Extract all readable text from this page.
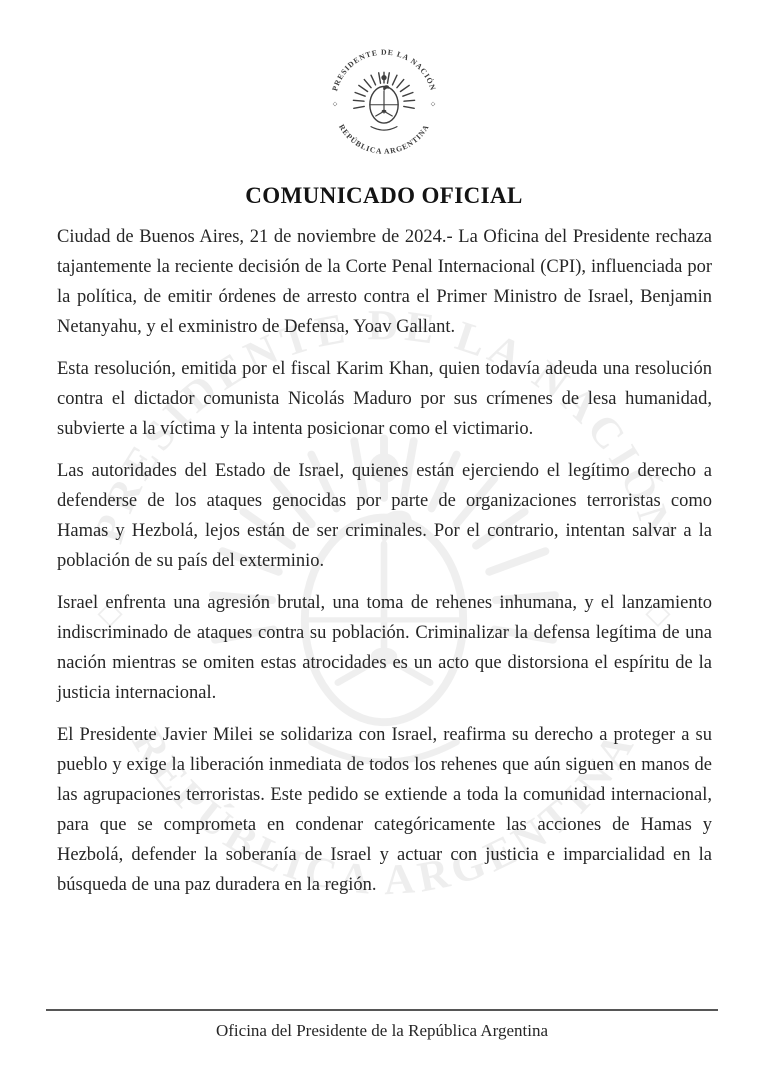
COMUNICADO OFICIAL

Ciudad de Buenos Aires, 21 de noviembre de 2024.- La Oficina del Presidente rechaza tajantemente la reciente decisión de la Corte Penal Internacional (CPI), influenciada por la política, de emitir órdenes de arresto contra el Primer Ministro de Israel, Benjamin Netanyahu, y el exministro de Defensa, Yoav Gallant.

Esta resolución, emitida por el fiscal Karim Khan, quien todavía adeuda una resolución contra el dictador comunista Nicolás Maduro por sus crímenes de lesa humanidad, subvierte a la víctima y la intenta posicionar como el victimario.

Las autoridades del Estado de Israel, quienes están ejerciendo el legítimo derecho a defenderse de los ataques genocidas por parte de organizaciones terroristas como Hamas y Hezbolá, lejos están de ser criminales. Por el contrario, intentan salvar a la población de su país del exterminio.

Israel enfrenta una agresión brutal, una toma de rehenes inhumana, y el lanzamiento indiscriminado de ataques contra su población. Criminalizar la defensa legítima de una nación mientras se omiten estas atrocidades es un acto que distorsiona el espíritu de la justicia internacional.

El Presidente Javier Milei se solidariza con Israel, reafirma su derecho a proteger a su pueblo y exige la liberación inmediata de todos los rehenes que aún siguen en manos de las agrupaciones terroristas. Este pedido se extiende a toda la comunidad internacional, para que se comprometa en condenar categóricamente las acciones de Hamas y Hezbolá, defender la soberanía de Israel y actuar con justicia e imparcialidad en la búsqueda de una paz duradera en la región.

Oficina del Presidente de la República Argentina
